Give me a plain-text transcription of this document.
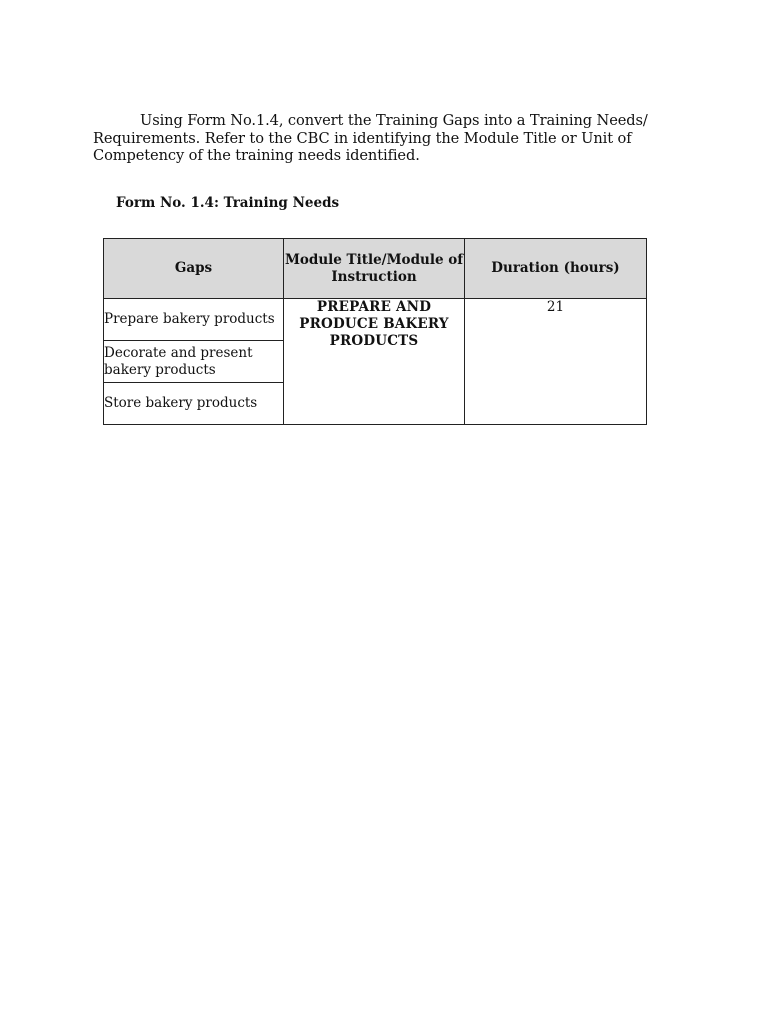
Using Form No.1.4, convert the Training Gaps into a Training Needs/ Requirements. Refer to the CBC in identifying the Module Title or Unit of Competency of the training needs identified.

Form No. 1.4: Training Needs

Gaps	Module Title/Module of Instruction	Duration (hours)
Prepare bakery products	PREPARE AND PRODUCE BAKERY PRODUCTS	21
Decorate and present bakery products		
Store bakery products		
